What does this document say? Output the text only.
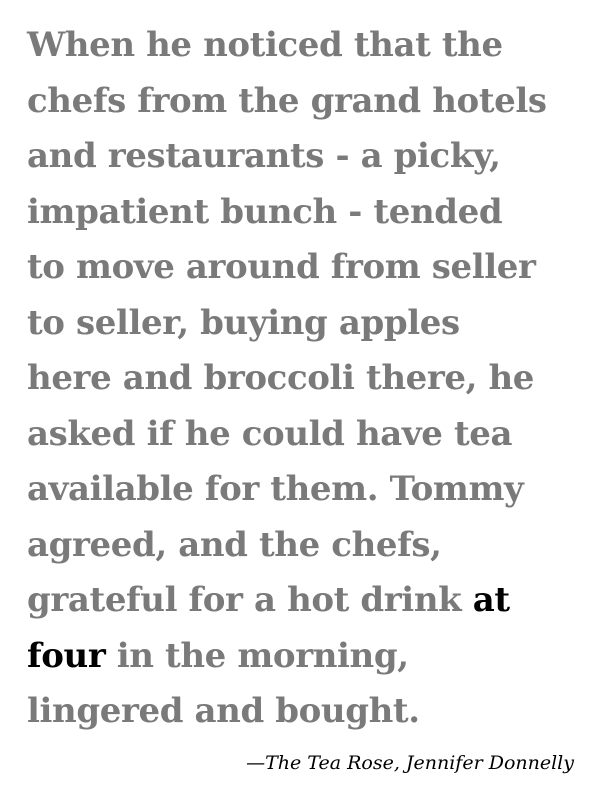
When he noticed that the
chefs from the grand hotels
and restaurants - a picky,
impatient bunch - tended
to move around from seller
to seller, buying apples
here and broccoli there, he
asked if he could have tea
available for them. Tommy
agreed, and the chefs,
grateful for a hot drink at
four in the morning,
lingered and bought.
—The Tea Rose, Jennifer Donnelly
